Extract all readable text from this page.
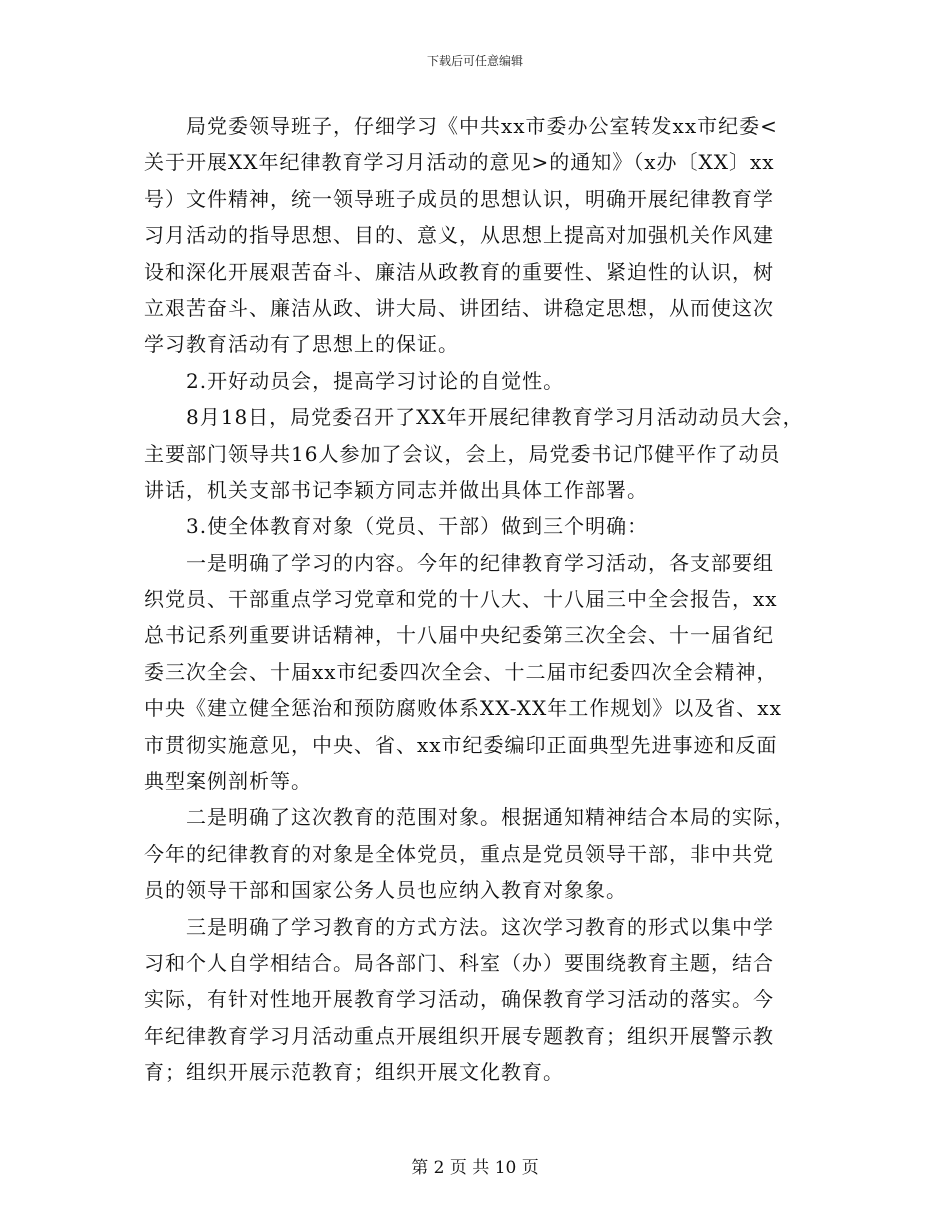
下载后可任意编辑
局党委领导班子，仔细学习《中共xx市委办公室转发xx市纪委<
关于开展XX年纪律教育学习月活动的意见>的通知》（x办〔XX〕xx
号）文件精神，统一领导班子成员的思想认识，明确开展纪律教育学
习月活动的指导思想、目的、意义，从思想上提高对加强机关作风建
设和深化开展艰苦奋斗、廉洁从政教育的重要性、紧迫性的认识，树
立艰苦奋斗、廉洁从政、讲大局、讲团结、讲稳定思想，从而使这次
学习教育活动有了思想上的保证。
2.开好动员会，提高学习讨论的自觉性。
8月18日，局党委召开了XX年开展纪律教育学习月活动动员大会，
主要部门领导共16人参加了会议，会上，局党委书记邝健平作了动员
讲话，机关支部书记李颖方同志并做出具体工作部署。
3.使全体教育对象（党员、干部）做到三个明确：
一是明确了学习的内容。今年的纪律教育学习活动，各支部要组
织党员、干部重点学习党章和党的十八大、十八届三中全会报告，xx
总书记系列重要讲话精神，十八届中央纪委第三次全会、十一届省纪
委三次全会、十届xx市纪委四次全会、十二届市纪委四次全会精神，
中央《建立健全惩治和预防腐败体系XX-XX年工作规划》以及省、xx
市贯彻实施意见，中央、省、xx市纪委编印正面典型先进事迹和反面
典型案例剖析等。
二是明确了这次教育的范围对象。根据通知精神结合本局的实际，
今年的纪律教育的对象是全体党员，重点是党员领导干部，非中共党
员的领导干部和国家公务人员也应纳入教育对象象。
三是明确了学习教育的方式方法。这次学习教育的形式以集中学
习和个人自学相结合。局各部门、科室（办）要围绕教育主题，结合
实际，有针对性地开展教育学习活动，确保教育学习活动的落实。今
年纪律教育学习月活动重点开展组织开展专题教育；组织开展警示教
育；组织开展示范教育；组织开展文化教育。
第 2 页 共 10 页
